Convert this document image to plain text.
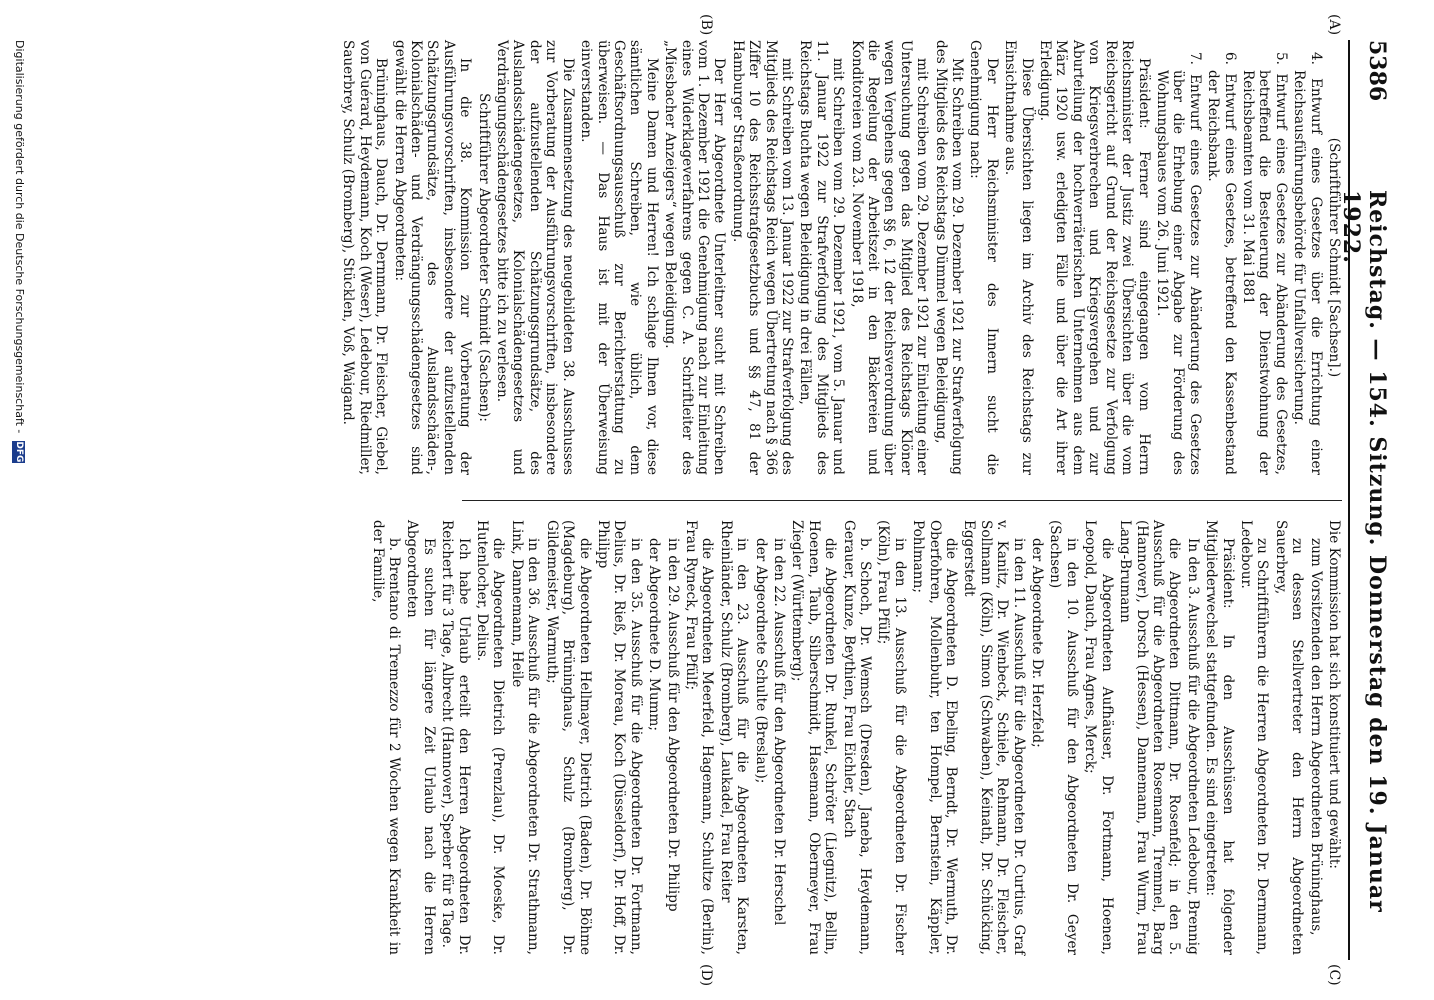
5386
Reichstag. — 154. Sitzung. Donnerstag den 19. Januar 1922.
(A)
(B)
(C)
(D)

(Schriftführer Schmidt [Sachsen].)

4. Entwurf eines Gesetzes über die Errichtung einer Reichsausführungsbehörde für Unfallversicherung.

5. Entwurf eines Gesetzes zur Abänderung des Gesetzes, betreffend die Besteuerung der Dienstwohnung der Reichsbeamten vom 31. Mai 1881

6. Entwurf eines Gesetzes, betreffend den Kassenbestand der Reichsbank.

7. Entwurf eines Gesetzes zur Abänderung des Gesetzes über die Erhebung einer Abgabe zur Förderung des Wohnungsbaues vom 26. Juni 1921.

Präsident: Ferner sind eingegangen vom Herrn Reichsminister der Justiz zwei Übersichten über die vom Reichsgericht auf Grund der Reichsgesetze zur Verfolgung von Kriegsverbrechen und Kriegsvergehen und zur Aburteilung der hochverräterischen Unternehmen aus dem März 1920 usw. erledigten Fälle und über die Art ihrer Erledigung.

Diese Übersichten liegen im Archiv des Reichstags zur Einsichtnahme aus.

Der Herr Reichsminister des Innern sucht die Genehmigung nach:

Mit Schreiben vom 29. Dezember 1921 zur Strafverfolgung des Mitglieds des Reichstags Dümmel wegen Beleidigung,

mit Schreiben vom 29. Dezember 1921 zur Einleitung einer Untersuchung gegen das Mitglied des Reichstags Klöner wegen Vergehens gegen §§ 6, 12 der Reichsverordnung über die Regelung der Arbeitszeit in den Bäckereien und Konditoreien vom 23. November 1918,

mit Schreiben vom 29. Dezember 1921, vom 5. Januar und 11. Januar 1922 zur Strafverfolgung des Mitglieds des Reichstags Buchta wegen Beleidigung in drei Fällen,

mit Schreiben vom 13. Januar 1922 zur Strafverfolgung des Mitglieds des Reichstags Reich wegen Übertretung nach § 366 Ziffer 10 des Reichsstrafgesetzbuchs und §§ 47, 81 der Hamburger Straßenordnung.

Der Herr Abgeordnete Unterleitner sucht mit Schreiben vom 1. Dezember 1921 die Genehmigung nach zur Einleitung eines Widerklageverfahrens gegen C. A. Schriftleiter des „Miesbacher Anzeigers“ wegen Beleidigung.

Meine Damen und Herren! Ich schlage Ihnen vor, diese sämtlichen Schreiben, wie üblich, dem Geschäftsordnungsausschuß zur Berichterstattung zu überweisen. — Das Haus ist mit der Überweisung einverstanden.

Die Zusammensetzung des neugebildeten 38. Ausschusses zur Vorberatung der Ausführungsvorschriften, insbesondere der aufzustellenden Schätzungsgrundsätze, des Auslandsschädengesetzes, Kolonialschädengesetzes und Verdrängungsschädengesetzes bitte ich zu verlesen.

Schriftführer Abgeordneter Schmidt (Sachsen):

In die 38. Kommission zur Vorberatung der Ausführungsvorschriften, insbesondere der aufzustellenden Schätzungsgrundsätze, des Auslandsschäden-, Kolonialschäden- und Verdrängungsschädengesetzes sind gewählt die Herren Abgeordneten:

Brüninghaus, Dauch, Dr. Dernmann, Dr. Fleischer, Giebel, von Guérard, Heydemann, Koch (Weser), Ledebour, Riedmiller, Sauerbrey, Schulz (Bromberg), Stücklen, Voß, Waigand.

Die Kommission hat sich konstituiert und gewählt:

zum Vorsitzenden den Herrn Abgeordneten Brüninghaus,

zu dessen Stellvertreter den Herrn Abgeordneten Sauerbrey,

zu Schriftführern die Herren Abgeordneten Dr. Dernmann, Ledebour.

Präsident: In den Ausschüssen hat folgender Mitgliederwechsel stattgefunden. Es sind eingetreten:

In den 3. Ausschuß für die Abgeordneten Ledebour, Brennig

die Abgeordneten Dittmann, Dr. Rosenfeld; in den 5. Ausschuß für die Abgeordneten Rosemann, Tremmel, Barg (Hannover), Dorsch (Hessen), Dannemann, Frau Wurm, Frau Lang-Brumann

die Abgeordneten Aufhäuser, Dr. Fortmann, Hoenen, Leopold, Dauch, Frau Agnes, Merck;

in den 10. Ausschuß für den Abgeordneten Dr. Geyer (Sachsen)

der Abgeordnete Dr. Herzfeld;

in den 11. Ausschuß für die Abgeordneten Dr. Curtius, Graf v. Kanitz, Dr. Wienbeck, Schiele, Rehmann, Dr. Fleischer, Sollmann (Köln), Simon (Schwaben), Keinath, Dr. Schücking, Eggerstedt

die Abgeordneten D. Ebeling, Berndt, Dr. Wermuth, Dr. Oberfohren, Mollenbuhr, ten Hompel, Bernstein, Käppler, Pohlmann;

in den 13. Ausschuß für die Abgeordneten Dr. Fischer (Köln), Frau Pfülf;

b. Schoch, Dr. Wemsch (Dresden), Janeba, Heydemann, Gerauer, Kunze, Beythien, Frau Eichler, Stach

die Abgeordneten Dr. Runkel, Schröter (Liegnitz), Bellin, Hoenen, Taub, Silberschmidt, Hasemann, Obermeyer, Frau Ziegler (Württemberg);

in den 22. Ausschuß für den Abgeordneten Dr. Herschel

der Abgeordnete Schulte (Breslau);

in den 23. Ausschuß für die Abgeordneten Karsten, Rheinländer, Schulz (Bromberg), Laukadel, Frau Reiter

die Abgeordneten Meerfeld, Hagemann, Schultze (Berlin), Frau Ryneck, Frau Pfülf;

in den 29. Ausschuß für den Abgeordneten Dr. Philipp

der Abgeordnete D. Mumm;

in den 35. Ausschuß für die Abgeordneten Dr. Fortmann, Delius, Dr. Rieß, Dr. Moreau, Koch (Düsseldorf), Dr. Hoff, Dr. Philipp

die Abgeordneten Hellmayer, Dietrich (Baden), Dr. Böhme (Magdeburg), Brüninghaus, Schulz (Bromberg), Dr. Gildemeister, Warmuth;

in den 36. Ausschuß für die Abgeordneten Dr. Strathmann, Link, Dannemann, Heile

die Abgeordneten Dietrich (Prenzlau), Dr. Moeske, Dr. Hutenlocher, Delius.

Ich habe Urlaub erteilt den Herren Abgeordneten Dr. Reichert für 3 Tage, Albrecht (Hannover), Sperber für 8 Tage.

Es suchen für längere Zeit Urlaub nach die Herren Abgeordneten

b. Brentano di Tremezzo für 2 Wochen wegen Krankheit in der Familie,

Digitalisierung gefördert durch die Deutsche Forschungsgemeinschaft - DFG
